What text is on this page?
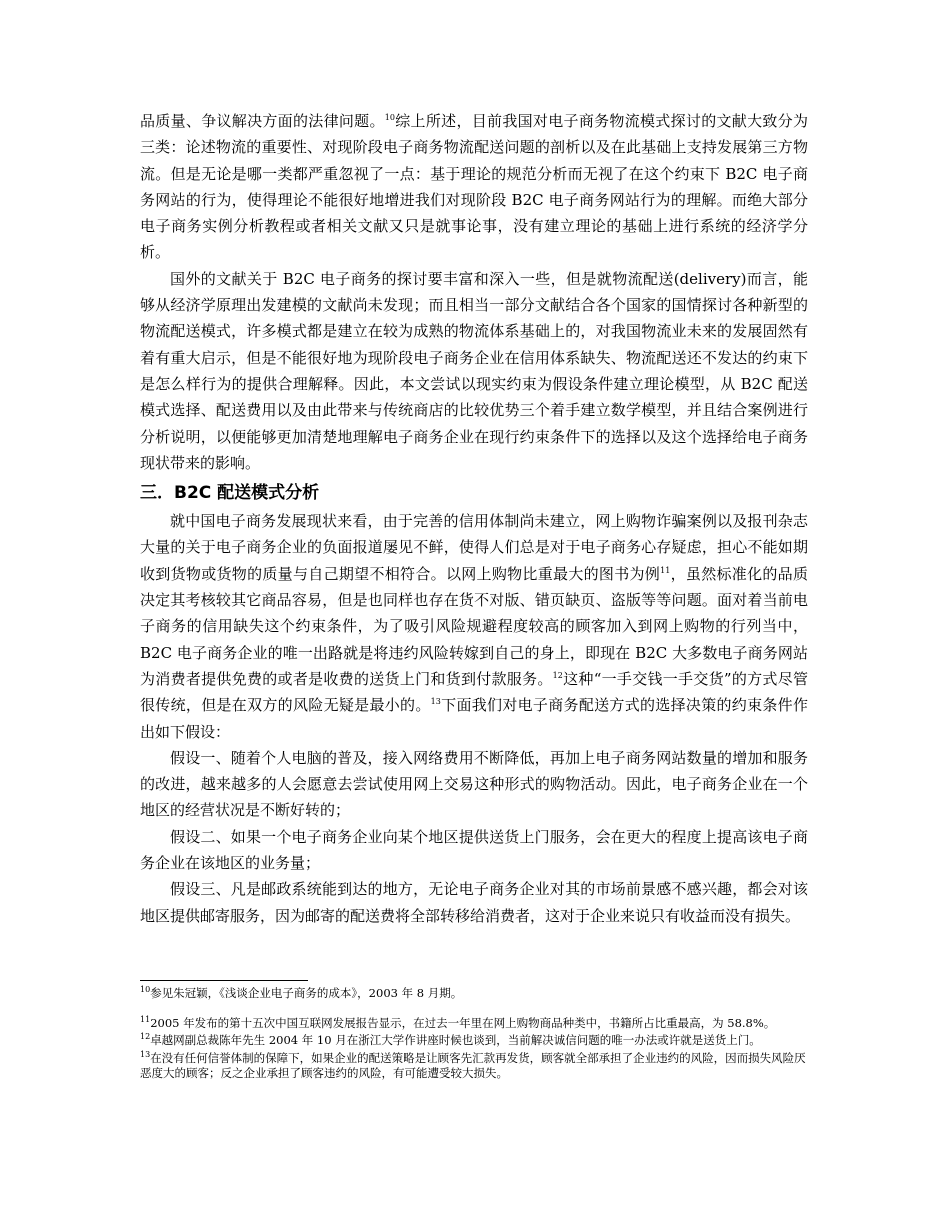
品质量、争议解决方面的法律问题。$^{10}$综上所述，目前我国对电子商务物流模式探讨的文献大致分为三类：论述物流的重要性、对现阶段电子商务物流配送问题的剖析以及在此基础上支持发展第三方物流。但是无论是哪一类都严重忽视了一点：基于理论的规范分析而无视了在这个约束下 B2C 电子商务网站的行为，使得理论不能很好地增进我们对现阶段 B2C 电子商务网站行为的理解。而绝大部分电子商务实例分析教程或者相关文献又只是就事论事，没有建立理论的基础上进行系统的经济学分析。

国外的文献关于 B2C 电子商务的探讨要丰富和深入一些，但是就物流配送(delivery)而言，能够从经济学原理出发建模的文献尚未发现；而且相当一部分文献结合各个国家的国情探讨各种新型的物流配送模式，许多模式都是建立在较为成熟的物流体系基础上的，对我国物流业未来的发展固然有着有重大启示，但是不能很好地为现阶段电子商务企业在信用体系缺失、物流配送还不发达的约束下是怎么样行为的提供合理解释。因此，本文尝试以现实约束为假设条件建立理论模型，从 B2C 配送模式选择、配送费用以及由此带来与传统商店的比较优势三个着手建立数学模型，并且结合案例进行分析说明，以便能够更加清楚地理解电子商务企业在现行约束条件下的选择以及这个选择给电子商务现状带来的影响。

三．B2C 配送模式分析

就中国电子商务发展现状来看，由于完善的信用体制尚未建立，网上购物诈骗案例以及报刊杂志大量的关于电子商务企业的负面报道屡见不鲜，使得人们总是对于电子商务心存疑虑，担心不能如期收到货物或货物的质量与自己期望不相符合。以网上购物比重最大的图书为例$^{11}$，虽然标准化的品质决定其考核较其它商品容易，但是也同样也存在货不对版、错页缺页、盗版等等问题。面对着当前电子商务的信用缺失这个约束条件，为了吸引风险规避程度较高的顾客加入到网上购物的行列当中，B2C 电子商务企业的唯一出路就是将违约风险转嫁到自己的身上，即现在 B2C 大多数电子商务网站为消费者提供免费的或者是收费的送货上门和货到付款服务。$^{12}$这种“一手交钱一手交货”的方式尽管很传统，但是在双方的风险无疑是最小的。$^{13}$下面我们对电子商务配送方式的选择决策的约束条件作出如下假设：

假设一、随着个人电脑的普及，接入网络费用不断降低，再加上电子商务网站数量的增加和服务的改进，越来越多的人会愿意去尝试使用网上交易这种形式的购物活动。因此，电子商务企业在一个地区的经营状况是不断好转的；

假设二、如果一个电子商务企业向某个地区提供送货上门服务，会在更大的程度上提高该电子商务企业在该地区的业务量；

假设三、凡是邮政系统能到达的地方，无论电子商务企业对其的市场前景感不感兴趣，都会对该地区提供邮寄服务，因为邮寄的配送费将全部转移给消费者，这对于企业来说只有收益而没有损失。

$^{10}$参见朱冠颖，《浅谈企业电子商务的成本》，2003 年 8 月期。

$^{11}$2005 年发布的第十五次中国互联网发展报告显示，在过去一年里在网上购物商品种类中，书籍所占比重最高，为 58.8%。

$^{12}$卓越网副总裁陈年先生 2004 年 10 月在浙江大学作讲座时候也谈到，当前解决诚信问题的唯一办法或许就是送货上门。

$^{13}$在没有任何信誉体制的保障下，如果企业的配送策略是让顾客先汇款再发货，顾客就全部承担了企业违约的风险，因而损失风险厌恶度大的顾客；反之企业承担了顾客违约的风险，有可能遭受较大损失。
